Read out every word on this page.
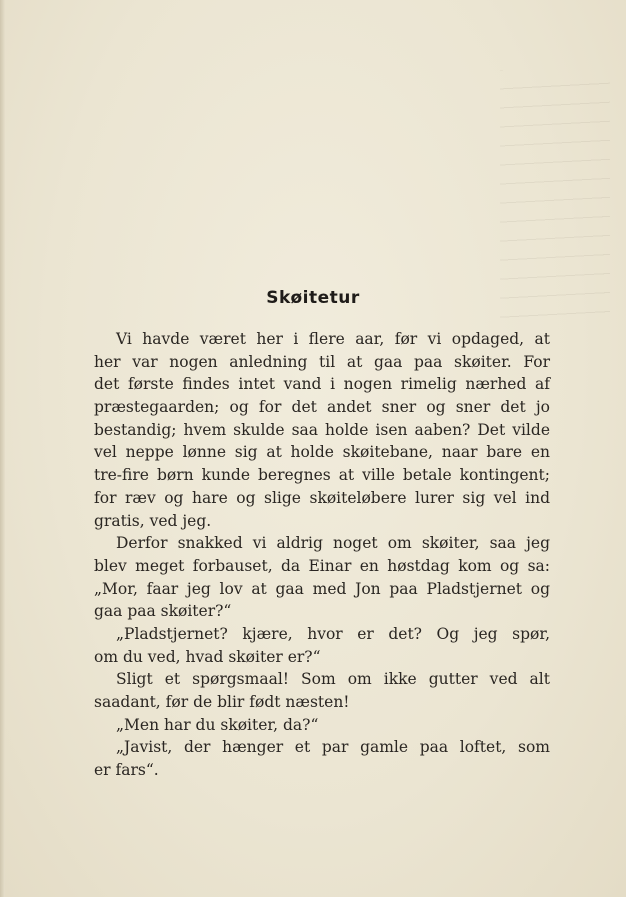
Skøitetur
Vi havde været her i flere aar, før vi opdaged, at
her var nogen anledning til at gaa paa skøiter. For
det første findes intet vand i nogen rimelig nærhed af
præstegaarden; og for det andet sner og sner det jo
bestandig; hvem skulde saa holde isen aaben? Det vilde
vel neppe lønne sig at holde skøitebane, naar bare en
tre-fire børn kunde beregnes at ville betale kontingent;
for ræv og hare og slige skøiteløbere lurer sig vel ind
gratis, ved jeg.
Derfor snakked vi aldrig noget om skøiter, saa jeg
blev meget forbauset, da Einar en høstdag kom og sa:
„Mor, faar jeg lov at gaa med Jon paa Pladstjernet og
gaa paa skøiter?“
„Pladstjernet? kjære, hvor er det? Og jeg spør,
om du ved, hvad skøiter er?“
Sligt et spørgsmaal! Som om ikke gutter ved alt
saadant, før de blir født næsten!
„Men har du skøiter, da?“
„Javist, der hænger et par gamle paa loftet, som
er fars“.
